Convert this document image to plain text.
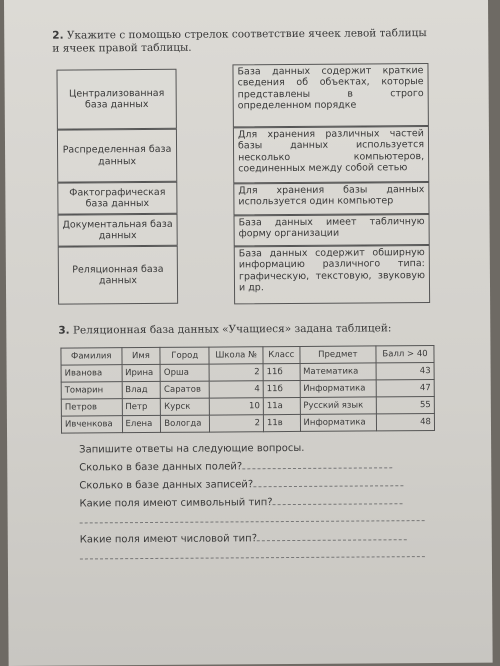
2. Укажите с помощью стрелок соответствие ячеек левой таблицы и ячеек правой таблицы.
Централизованная база данных
Распределенная база данных
Фактографическая база данных
Документальная база данных
Реляционная база данных
База данных содержит краткие сведения об объектах, которые представлены в строго определенном порядке
Для хранения различных частей базы данных используется несколько компьютеров, соединенных между собой сетью
Для хранения базы данных используется один компьютер
База данных имеет табличную форму организации
База данных содержит обширную информацию различного типа: графическую, текстовую, звуковую и др.
3. Реляционная база данных «Учащиеся» задана таблицей:
Фамилия	Имя	Город	Школа №	Класс	Предмет	Балл > 40
Иванова	Ирина	Орша	2	11б	Математика	43
Томарин	Влад	Саратов	4	11б	Информатика	47
Петров	Петр	Курск	10	11а	Русский язык	55
Ивченкова	Елена	Вологда	2	11в	Информатика	48
Запишите ответы на следующие вопросы.
Сколько в базе данных полей?
Сколько в базе данных записей?
Какие поля имеют символьный тип?
Какие поля имеют числовой тип?
